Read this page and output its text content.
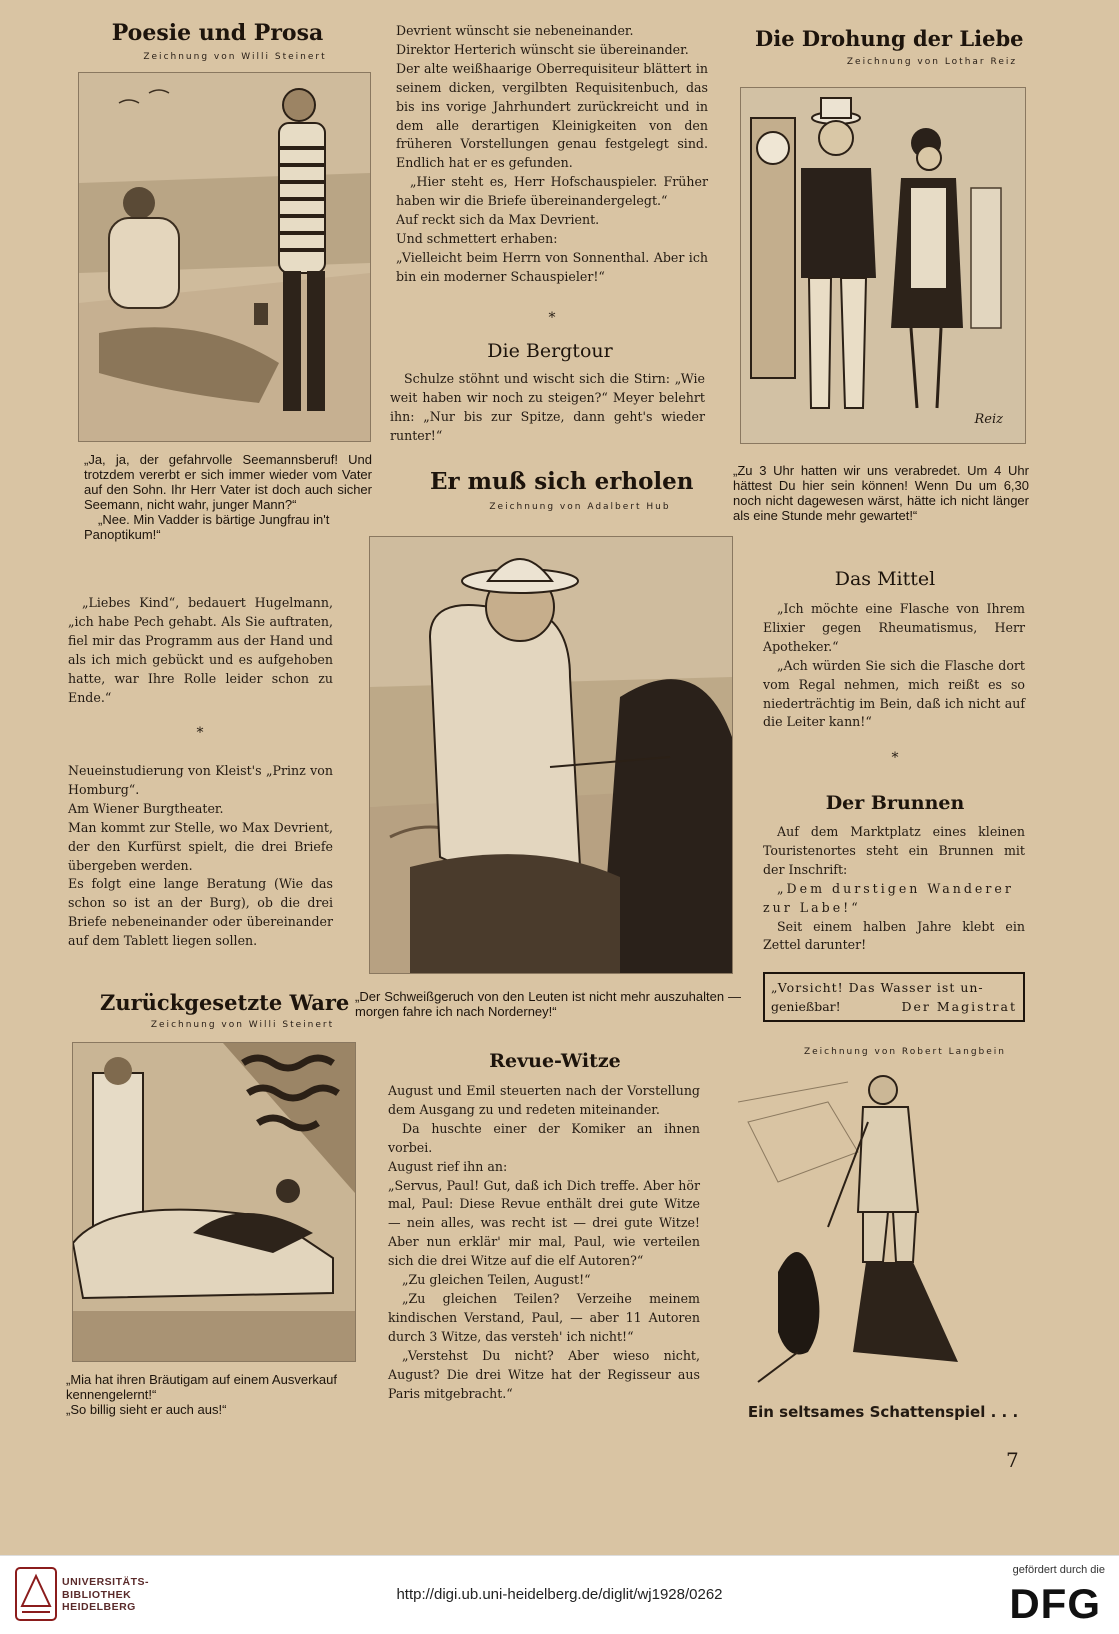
Poesie und Prosa
Zeichnung von Willi Steinert

„Ja, ja, der gefahrvolle Seemannsberuf! Und trotzdem vererbt er sich immer wieder vom Vater auf den Sohn. Ihr Herr Vater ist doch auch sicher Seemann, nicht wahr, junger Mann?“

„Nee. Min Vadder is bärtige Jungfrau in't Panoptikum!“

„Liebes Kind“, bedauert Hugelmann, „ich habe Pech gehabt. Als Sie auftraten, fiel mir das Programm aus der Hand und als ich mich gebückt und es aufgehoben hatte, war Ihre Rolle leider schon zu Ende.“

*

Neueinstudierung von Kleist's „Prinz von Homburg“.

Am Wiener Burgtheater.

Man kommt zur Stelle, wo Max Devrient, der den Kurfürst spielt, die drei Briefe übergeben werden.

Es folgt eine lange Beratung (Wie das schon so ist an der Burg), ob die drei Briefe nebeneinander oder übereinander auf dem Tablett liegen sollen.

Zurückgesetzte Ware
Zeichnung von Willi Steinert

„Mia hat ihren Bräutigam auf einem Ausverkauf kennengelernt!“

„So billig sieht er auch aus!“

Devrient wünscht sie nebeneinander.

Direktor Herterich wünscht sie übereinander.

Der alte weißhaarige Oberrequisiteur blättert in seinem dicken, vergilbten Requisitenbuch, das bis ins vorige Jahrhundert zurückreicht und in dem alle derartigen Kleinigkeiten von den früheren Vorstellungen genau festgelegt sind. Endlich hat er es gefunden.

„Hier steht es, Herr Hofschauspieler. Früher haben wir die Briefe übereinandergelegt.“

Auf reckt sich da Max Devrient.

Und schmettert erhaben:

„Vielleicht beim Herrn von Sonnenthal. Aber ich bin ein moderner Schauspieler!“

*
Die Bergtour

Schulze stöhnt und wischt sich die Stirn: „Wie weit haben wir noch zu steigen?“ Meyer belehrt ihn: „Nur bis zur Spitze, dann geht's wieder runter!“

Er muß sich erholen
Zeichnung von Adalbert Hub

„Der Schweißgeruch von den Leuten ist nicht mehr auszuhalten — morgen fahre ich nach Norderney!“

Revue-Witze

August und Emil steuerten nach der Vorstellung dem Ausgang zu und redeten miteinander.

Da huschte einer der Komiker an ihnen vorbei.

August rief ihn an:

„Servus, Paul! Gut, daß ich Dich treffe. Aber hör mal, Paul: Diese Revue enthält drei gute Witze — nein alles, was recht ist — drei gute Witze! Aber nun erklär' mir mal, Paul, wie verteilen sich die drei Witze auf die elf Autoren?“

„Zu gleichen Teilen, August!“

„Zu gleichen Teilen? Verzeihe meinem kindischen Verstand, Paul, — aber 11 Autoren durch 3 Witze, das versteh' ich nicht!“

„Verstehst Du nicht? Aber wieso nicht, August? Die drei Witze hat der Regisseur aus Paris mitgebracht.“

Die Drohung der Liebe
Zeichnung von Lothar Reiz
Reiz

„Zu 3 Uhr hatten wir uns verabredet. Um 4 Uhr hättest Du hier sein können! Wenn Du um 6,30 noch nicht dagewesen wärst, hätte ich nicht länger als eine Stunde mehr gewartet!“

Das Mittel

„Ich möchte eine Flasche von Ihrem Elixier gegen Rheumatismus, Herr Apotheker.“

„Ach würden Sie sich die Flasche dort vom Regal nehmen, mich reißt es so niederträchtig im Bein, daß ich nicht auf die Leiter kann!“

*
Der Brunnen

Auf dem Marktplatz eines kleinen Touristenortes steht ein Brunnen mit der Inschrift:

„Dem durstigen Wanderer zur Labe!“

Seit einem halben Jahre klebt ein Zettel darunter!

„Vorsicht! Das Wasser ist un-

genießbar!	Der Magistrat

Zeichnung von Robert Langbein
Ein seltsames Schattenspiel . . .
7
UNIVERSITÄTS-
BIBLIOTHEK
HEIDELBERG
http://digi.ub.uni-heidelberg.de/diglit/wj1928/0262
gefördert durch die
DFG
